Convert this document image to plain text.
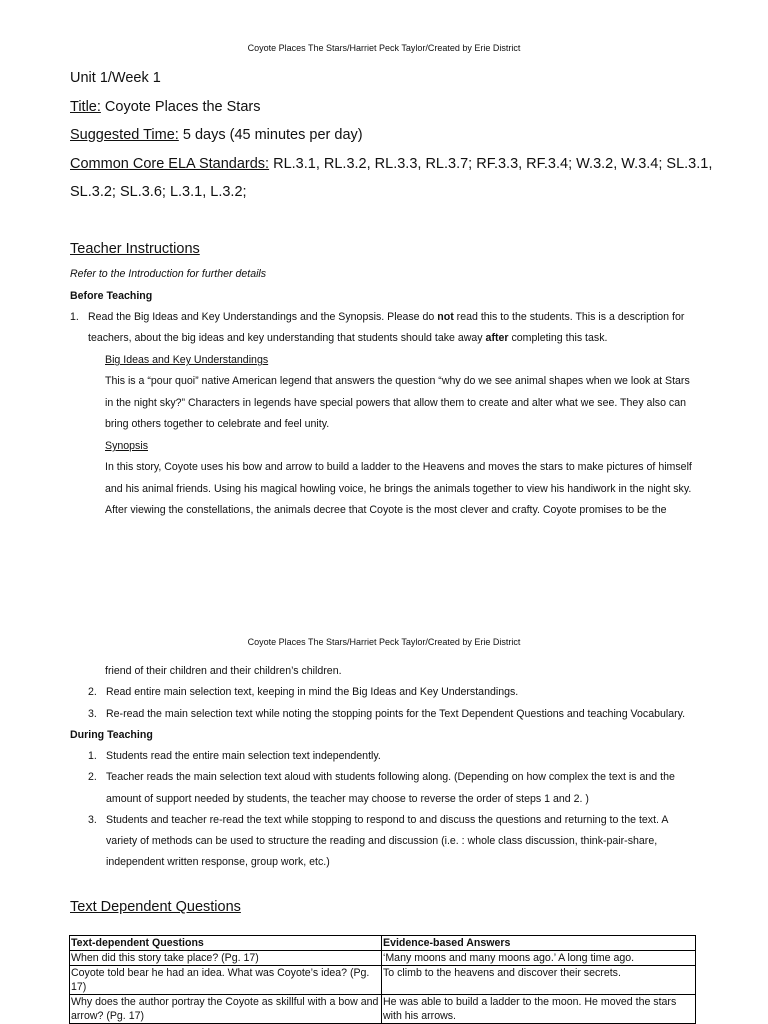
Coyote Places The Stars/Harriet Peck Taylor/Created by Erie District
Unit 1/Week 1
Title: Coyote Places the Stars
Suggested Time: 5 days (45 minutes per day)
Common Core ELA Standards: RL.3.1, RL.3.2, RL.3.3, RL.3.7; RF.3.3, RF.3.4; W.3.2, W.3.4; SL.3.1,
SL.3.2; SL.3.6; L.3.1, L.3.2;
Teacher Instructions
Refer to the Introduction for further details
Before Teaching
1. Read the Big Ideas and Key Understandings and the Synopsis. Please do not read this to the students. This is a description for
teachers, about the big ideas and key understanding that students should take away after completing this task.
Big Ideas and Key Understandings
This is a “pour quoi” native American legend that answers the question “why do we see animal shapes when we look at Stars
in the night sky?” Characters in legends have special powers that allow them to create and alter what we see. They also can
bring others together to celebrate and feel unity.
Synopsis
In this story, Coyote uses his bow and arrow to build a ladder to the Heavens and moves the stars to make pictures of himself
and his animal friends. Using his magical howling voice, he brings the animals together to view his handiwork in the night sky.
After viewing the constellations, the animals decree that Coyote is the most clever and crafty. Coyote promises to be the
Coyote Places The Stars/Harriet Peck Taylor/Created by Erie District
friend of their children and their children’s children.
2. Read entire main selection text, keeping in mind the Big Ideas and Key Understandings.
3. Re-read the main selection text while noting the stopping points for the Text Dependent Questions and teaching Vocabulary.
During Teaching
1. Students read the entire main selection text independently.
2. Teacher reads the main selection text aloud with students following along. (Depending on how complex the text is and the
amount of support needed by students, the teacher may choose to reverse the order of steps 1 and 2. )
3. Students and teacher re-read the text while stopping to respond to and discuss the questions and returning to the text. A
variety of methods can be used to structure the reading and discussion (i.e. : whole class discussion, think-pair-share,
independent written response, group work, etc.)
Text Dependent Questions
Text-dependent Questions	Evidence-based Answers
When did this story take place? (Pg. 17)	‘Many moons and many moons ago.’ A long time ago.
Coyote told bear he had an idea. What was Coyote’s idea? (Pg. 17)	To climb to the heavens and discover their secrets.
Why does the author portray the Coyote as skillful with a bow and arrow? (Pg. 17)	He was able to build a ladder to the moon. He moved the stars with his arrows.
